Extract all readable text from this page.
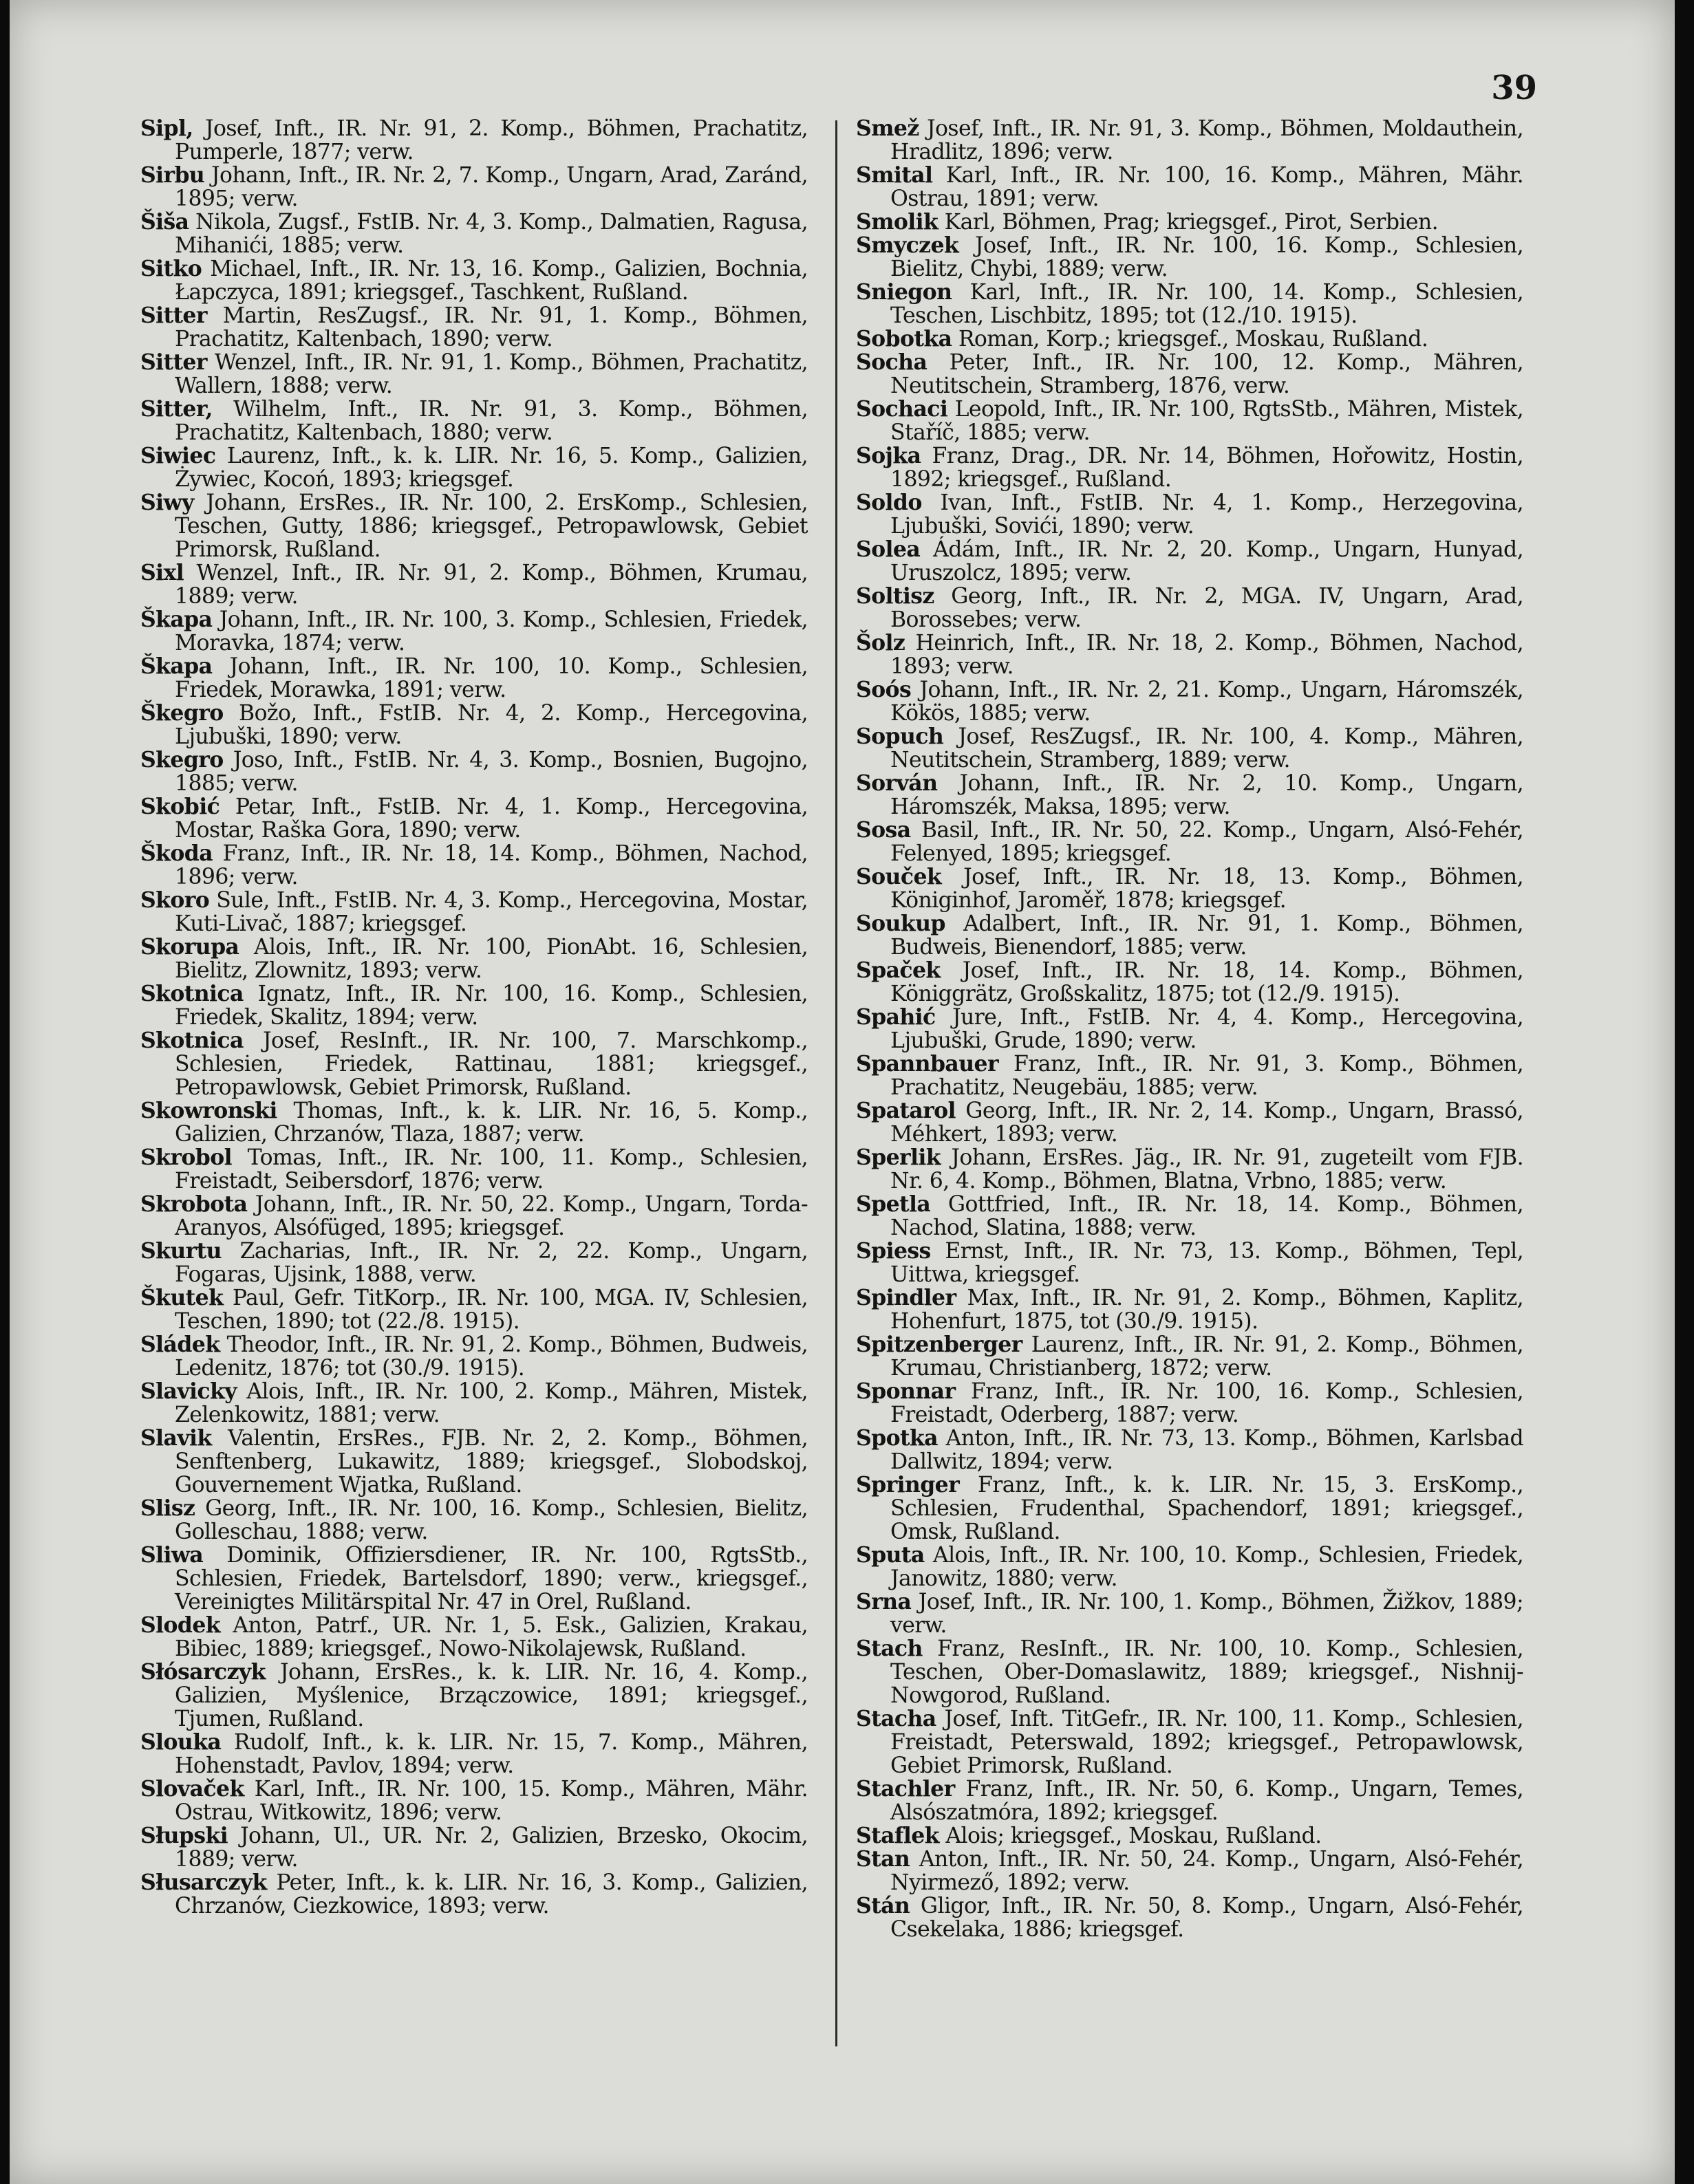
39

Sipl, Josef, Inft., IR. Nr. 91, 2. Komp., Böhmen, Prachatitz, Pumperle, 1877; verw.

Sirbu Johann, Inft., IR. Nr. 2, 7. Komp., Ungarn, Arad, Zaránd, 1895; verw.

Šiša Nikola, Zugsf., FstIB. Nr. 4, 3. Komp., Dalmatien, Ragusa, Mihanići, 1885; verw.

Sitko Michael, Inft., IR. Nr. 13, 16. Komp., Galizien, Bochnia, Łapczyca, 1891; kriegsgef., Taschkent, Rußland.

Sitter Martin, ResZugsf., IR. Nr. 91, 1. Komp., Böhmen, Prachatitz, Kaltenbach, 1890; verw.

Sitter Wenzel, Inft., IR. Nr. 91, 1. Komp., Böhmen, Prachatitz, Wallern, 1888; verw.

Sitter, Wilhelm, Inft., IR. Nr. 91, 3. Komp., Böhmen, Prachatitz, Kaltenbach, 1880; verw.

Siwiec Laurenz, Inft., k. k. LIR. Nr. 16, 5. Komp., Galizien, Żywiec, Kocoń, 1893; kriegsgef.

Siwy Johann, ErsRes., IR. Nr. 100, 2. ErsKomp., Schlesien, Teschen, Gutty, 1886; kriegsgef., Petropawlowsk, Gebiet Primorsk, Rußland.

Sixl Wenzel, Inft., IR. Nr. 91, 2. Komp., Böhmen, Krumau, 1889; verw.

Škapa Johann, Inft., IR. Nr. 100, 3. Komp., Schlesien, Friedek, Moravka, 1874; verw.

Škapa Johann, Inft., IR. Nr. 100, 10. Komp., Schlesien, Friedek, Morawka, 1891; verw.

Škegro Božo, Inft., FstIB. Nr. 4, 2. Komp., Hercegovina, Ljubuški, 1890; verw.

Skegro Joso, Inft., FstIB. Nr. 4, 3. Komp., Bosnien, Bugojno, 1885; verw.

Skobić Petar, Inft., FstIB. Nr. 4, 1. Komp., Hercegovina, Mostar, Raška Gora, 1890; verw.

Škoda Franz, Inft., IR. Nr. 18, 14. Komp., Böhmen, Nachod, 1896; verw.

Skoro Sule, Inft., FstIB. Nr. 4, 3. Komp., Hercegovina, Mostar, Kuti-Livač, 1887; kriegsgef.

Skorupa Alois, Inft., IR. Nr. 100, PionAbt. 16, Schlesien, Bielitz, Zlownitz, 1893; verw.

Skotnica Ignatz, Inft., IR. Nr. 100, 16. Komp., Schlesien, Friedek, Skalitz, 1894; verw.

Skotnica Josef, ResInft., IR. Nr. 100, 7. Marschkomp., Schlesien, Friedek, Rattinau, 1881; kriegsgef., Petropawlowsk, Gebiet Primorsk, Rußland.

Skowronski Thomas, Inft., k. k. LIR. Nr. 16, 5. Komp., Galizien, Chrzanów, Tlaza, 1887; verw.

Skrobol Tomas, Inft., IR. Nr. 100, 11. Komp., Schlesien, Freistadt, Seibersdorf, 1876; verw.

Skrobota Johann, Inft., IR. Nr. 50, 22. Komp., Ungarn, Torda-Aranyos, Alsófüged, 1895; kriegsgef.

Skurtu Zacharias, Inft., IR. Nr. 2, 22. Komp., Ungarn, Fogaras, Ujsink, 1888, verw.

Škutek Paul, Gefr. TitKorp., IR. Nr. 100, MGA. IV, Schlesien, Teschen, 1890; tot (22./8. 1915).

Sládek Theodor, Inft., IR. Nr. 91, 2. Komp., Böhmen, Budweis, Ledenitz, 1876; tot (30./9. 1915).

Slavicky Alois, Inft., IR. Nr. 100, 2. Komp., Mähren, Mistek, Zelenkowitz, 1881; verw.

Slavik Valentin, ErsRes., FJB. Nr. 2, 2. Komp., Böhmen, Senftenberg, Lukawitz, 1889; kriegsgef., Slobodskoj, Gouvernement Wjatka, Rußland.

Slisz Georg, Inft., IR. Nr. 100, 16. Komp., Schlesien, Bielitz, Golleschau, 1888; verw.

Sliwa Dominik, Offiziersdiener, IR. Nr. 100, RgtsStb., Schlesien, Friedek, Bartelsdorf, 1890; verw., kriegsgef., Vereinigtes Militärspital Nr. 47 in Orel, Rußland.

Slodek Anton, Patrf., UR. Nr. 1, 5. Esk., Galizien, Krakau, Bibiec, 1889; kriegsgef., Nowo-Nikolajewsk, Rußland.

Słósarczyk Johann, ErsRes., k. k. LIR. Nr. 16, 4. Komp., Galizien, Myślenice, Brzączowice, 1891; kriegsgef., Tjumen, Rußland.

Slouka Rudolf, Inft., k. k. LIR. Nr. 15, 7. Komp., Mähren, Hohenstadt, Pavlov, 1894; verw.

Slovaček Karl, Inft., IR. Nr. 100, 15. Komp., Mähren, Mähr. Ostrau, Witkowitz, 1896; verw.

Słupski Johann, Ul., UR. Nr. 2, Galizien, Brzesko, Okocim, 1889; verw.

Słusarczyk Peter, Inft., k. k. LIR. Nr. 16, 3. Komp., Galizien, Chrzanów, Ciezkowice, 1893; verw.

Smež Josef, Inft., IR. Nr. 91, 3. Komp., Böhmen, Moldauthein, Hradlitz, 1896; verw.

Smital Karl, Inft., IR. Nr. 100, 16. Komp., Mähren, Mähr. Ostrau, 1891; verw.

Smolik Karl, Böhmen, Prag; kriegsgef., Pirot, Serbien.

Smyczek Josef, Inft., IR. Nr. 100, 16. Komp., Schlesien, Bielitz, Chybi, 1889; verw.

Sniegon Karl, Inft., IR. Nr. 100, 14. Komp., Schlesien, Teschen, Lischbitz, 1895; tot (12./10. 1915).

Sobotka Roman, Korp.; kriegsgef., Moskau, Rußland.

Socha Peter, Inft., IR. Nr. 100, 12. Komp., Mähren, Neutitschein, Stramberg, 1876, verw.

Sochaci Leopold, Inft., IR. Nr. 100, RgtsStb., Mähren, Mistek, Staříč, 1885; verw.

Sojka Franz, Drag., DR. Nr. 14, Böhmen, Hořowitz, Hostin, 1892; kriegsgef., Rußland.

Soldo Ivan, Inft., FstIB. Nr. 4, 1. Komp., Herzegovina, Ljubuški, Sovići, 1890; verw.

Solea Ádám, Inft., IR. Nr. 2, 20. Komp., Ungarn, Hunyad, Uruszolcz, 1895; verw.

Soltisz Georg, Inft., IR. Nr. 2, MGA. IV, Ungarn, Arad, Borossebes; verw.

Šolz Heinrich, Inft., IR. Nr. 18, 2. Komp., Böhmen, Nachod, 1893; verw.

Soós Johann, Inft., IR. Nr. 2, 21. Komp., Ungarn, Háromszék, Kökös, 1885; verw.

Sopuch Josef, ResZugsf., IR. Nr. 100, 4. Komp., Mähren, Neutitschein, Stramberg, 1889; verw.

Sorván Johann, Inft., IR. Nr. 2, 10. Komp., Ungarn, Háromszék, Maksa, 1895; verw.

Sosa Basil, Inft., IR. Nr. 50, 22. Komp., Ungarn, Alsó-Fehér, Felenyed, 1895; kriegsgef.

Souček Josef, Inft., IR. Nr. 18, 13. Komp., Böhmen, Königinhof, Jaroměř, 1878; kriegsgef.

Soukup Adalbert, Inft., IR. Nr. 91, 1. Komp., Böhmen, Budweis, Bienendorf, 1885; verw.

Spaček Josef, Inft., IR. Nr. 18, 14. Komp., Böhmen, Königgrätz, Großskalitz, 1875; tot (12./9. 1915).

Spahić Jure, Inft., FstIB. Nr. 4, 4. Komp., Hercegovina, Ljubuški, Grude, 1890; verw.

Spannbauer Franz, Inft., IR. Nr. 91, 3. Komp., Böhmen, Prachatitz, Neugebäu, 1885; verw.

Spatarol Georg, Inft., IR. Nr. 2, 14. Komp., Ungarn, Brassó, Méhkert, 1893; verw.

Sperlik Johann, ErsRes. Jäg., IR. Nr. 91, zugeteilt vom FJB. Nr. 6, 4. Komp., Böhmen, Blatna, Vrbno, 1885; verw.

Spetla Gottfried, Inft., IR. Nr. 18, 14. Komp., Böhmen, Nachod, Slatina, 1888; verw.

Spiess Ernst, Inft., IR. Nr. 73, 13. Komp., Böhmen, Tepl, Uittwa, kriegsgef.

Spindler Max, Inft., IR. Nr. 91, 2. Komp., Böhmen, Kaplitz, Hohenfurt, 1875, tot (30./9. 1915).

Spitzenberger Laurenz, Inft., IR. Nr. 91, 2. Komp., Böhmen, Krumau, Christianberg, 1872; verw.

Sponnar Franz, Inft., IR. Nr. 100, 16. Komp., Schlesien, Freistadt, Oderberg, 1887; verw.

Spotka Anton, Inft., IR. Nr. 73, 13. Komp., Böhmen, Karlsbad Dallwitz, 1894; verw.

Springer Franz, Inft., k. k. LIR. Nr. 15, 3. ErsKomp., Schlesien, Frudenthal, Spachendorf, 1891; kriegsgef., Omsk, Rußland.

Sputa Alois, Inft., IR. Nr. 100, 10. Komp., Schlesien, Friedek, Janowitz, 1880; verw.

Srna Josef, Inft., IR. Nr. 100, 1. Komp., Böhmen, Žižkov, 1889; verw.

Stach Franz, ResInft., IR. Nr. 100, 10. Komp., Schlesien, Teschen, Ober-Domaslawitz, 1889; kriegsgef., Nishnij-Nowgorod, Rußland.

Stacha Josef, Inft. TitGefr., IR. Nr. 100, 11. Komp., Schlesien, Freistadt, Peterswald, 1892; kriegsgef., Petropawlowsk, Gebiet Primorsk, Rußland.

Stachler Franz, Inft., IR. Nr. 50, 6. Komp., Ungarn, Temes, Alsószatmóra, 1892; kriegsgef.

Staflek Alois; kriegsgef., Moskau, Rußland.

Stan Anton, Inft., IR. Nr. 50, 24. Komp., Ungarn, Alsó-Fehér, Nyirmező, 1892; verw.

Stán Gligor, Inft., IR. Nr. 50, 8. Komp., Ungarn, Alsó-Fehér, Csekelaka, 1886; kriegsgef.
